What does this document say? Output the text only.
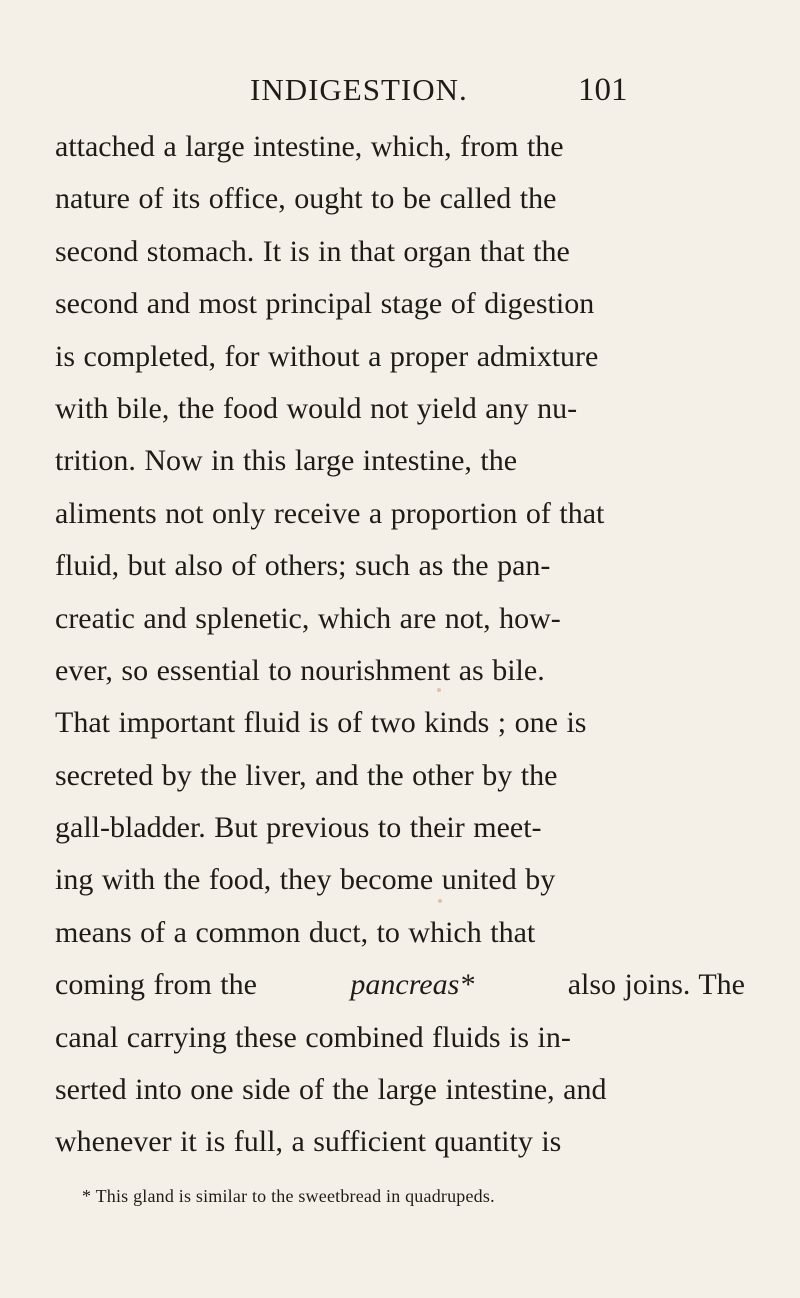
INDIGESTION.	101
attached a large intestine, which, from the
nature of its office, ought to be called the
second stomach. It is in that organ that the
second and most principal stage of digestion
is completed, for without a proper admixture
with bile, the food would not yield any nu-
trition. Now in this large intestine, the
aliments not only receive a proportion of that
fluid, but also of others; such as the pan-
creatic and splenetic, which are not, how-
ever, so essential to nourishment as bile.
That important fluid is of two kinds ; one is
secreted by the liver, and the other by the
gall-bladder. But previous to their meet-
ing with the food, they become united by
means of a common duct, to which that
coming from the	pancreas*	also joins. The
canal carrying these combined fluids is in-
serted into one side of the large intestine, and
whenever it is full, a sufficient quantity is
* This gland is similar to the sweetbread in quadrupeds.
